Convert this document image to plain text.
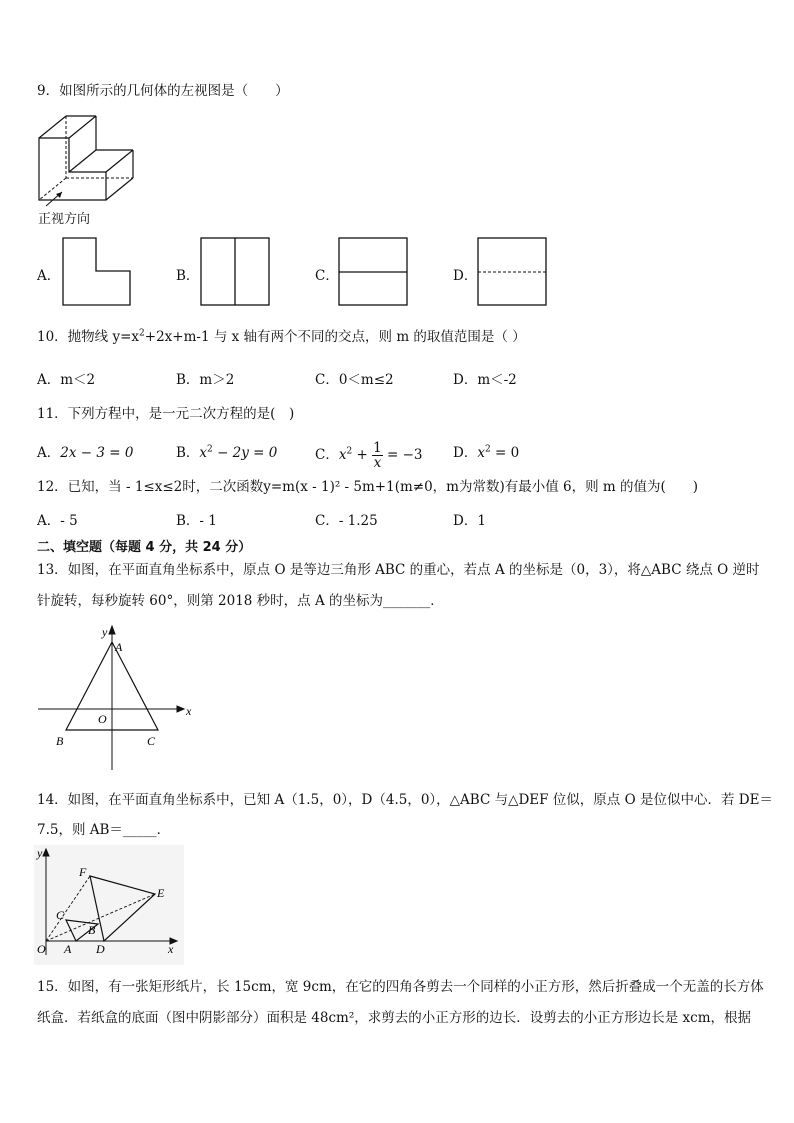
9．如图所示的几何体的左视图是（　　）
正视方向
A．	B．	C．	D．
10．抛物线 $y=x^2+2x+m-1$ 与 x 轴有两个不同的交点，则 m 的取值范围是（ ）
A．m＜2	B．m＞2	C．0＜m≤2	D．m＜-2
11．下列方程中，是一元二次方程的是(　)
A．2x − 3 = 0	B．$x^2 - 2y = 0$	C．$x^2 + \frac{1}{x} = -3$ D．$x^2 = 0$
12．已知，当 - 1≤x≤2时，二次函数y=m(x - 1)² - 5m+1(m≠0，m为常数)有最小值 6，则 m 的值为(　　)
A．- 5	B．- 1	C．- 1.25	D．1
二、填空题（每题 4 分，共 24 分）
13．如图，在平面直角坐标系中，原点 O 是等边三角形 ABC 的重心，若点 A 的坐标是（0，3），将△ABC 绕点 O 逆时
针旋转，每秒旋转 60°，则第 2018 秒时，点 A 的坐标为_______．
y
x
A
O
B	C
14．如图，在平面直角坐标系中，已知 A（1.5，0），D（4.5，0），△ABC 与△DEF 位似，原点 O 是位似中心．若 DE＝
7.5，则 AB＝_____．
y
x
F
E
C
B
O A D
15．如图，有一张矩形纸片，长 15cm，宽 9cm，在它的四角各剪去一个同样的小正方形，然后折叠成一个无盖的长方体
纸盒．若纸盒的底面（图中阴影部分）面积是 48cm²，求剪去的小正方形的边长．设剪去的小正方形边长是 xcm，根据
